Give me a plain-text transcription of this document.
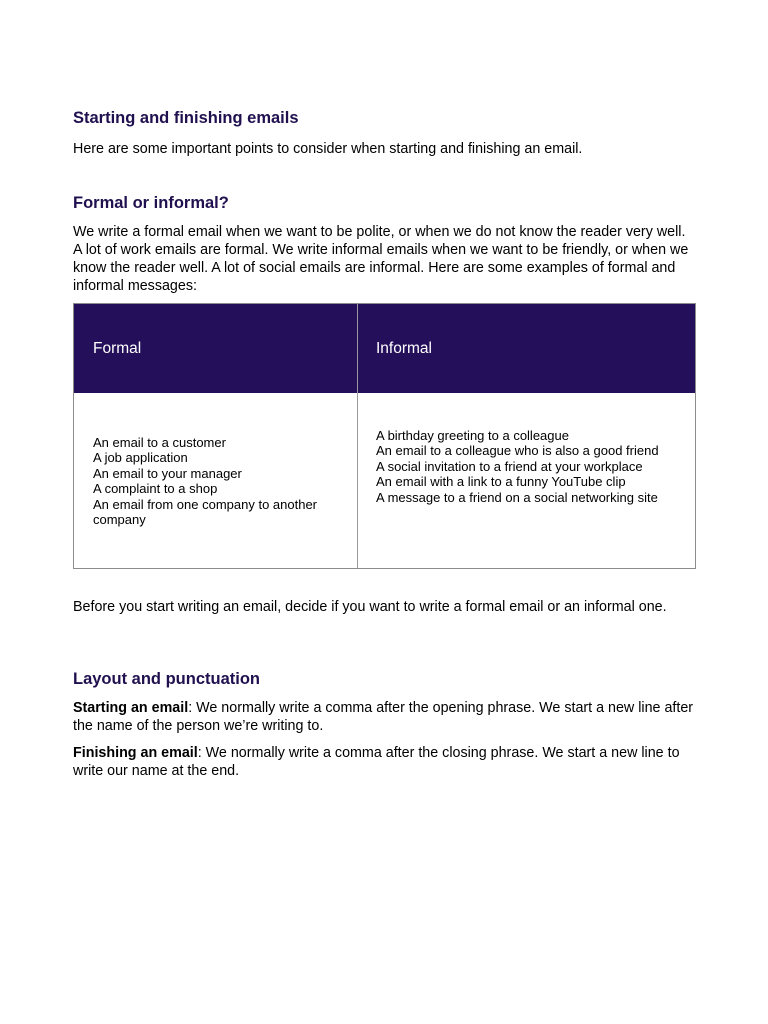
Starting and finishing emails

Here are some important points to consider when starting and finishing an email.

Formal or informal?

We write a formal email when we want to be polite, or when we do not know the reader very well. A lot of work emails are formal. We write informal emails when we want to be friendly, or when we know the reader well. A lot of social emails are informal. Here are some examples of formal and informal messages:

Formal	Informal
An email to a customer
A job application
An email to your manager
A complaint to a shop
An email from one company to another company
A birthday greeting to a colleague
An email to a colleague who is also a good friend
A social invitation to a friend at your workplace
An email with a link to a funny YouTube clip
A message to a friend on a social networking site

Before you start writing an email, decide if you want to write a formal email or an informal one.

Layout and punctuation

Starting an email: We normally write a comma after the opening phrase. We start a new line after the name of the person we’re writing to.

Finishing an email: We normally write a comma after the closing phrase. We start a new line to write our name at the end.
